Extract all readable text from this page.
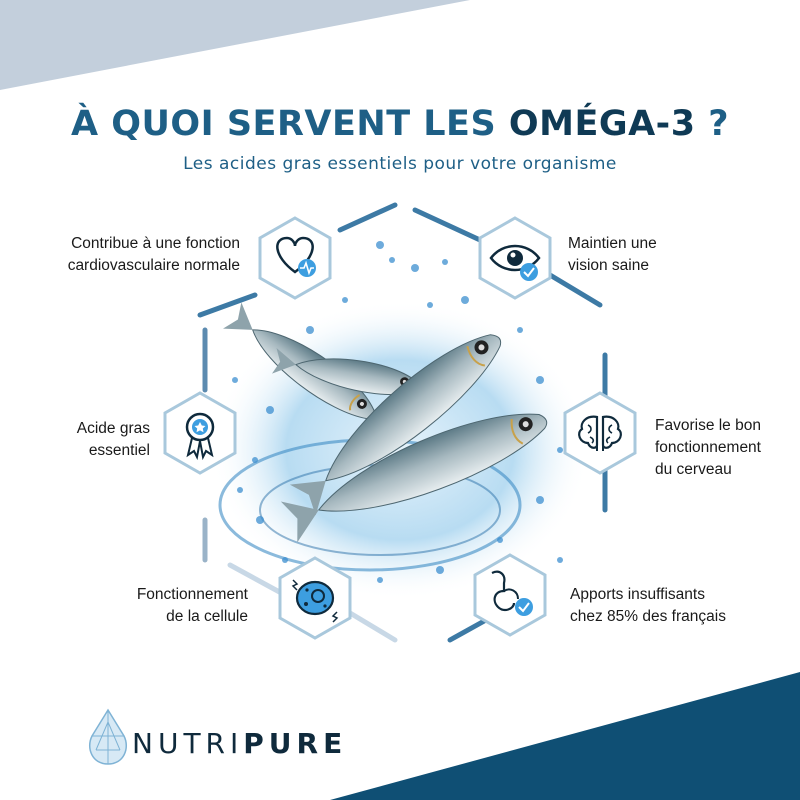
À QUOI SERVENT LES OMÉGA-3 ?
Les acides gras essentiels pour votre organisme
Contribue à une fonction
cardiovasculaire normale
Maintien une
vision saine
Acide gras
essentiel
Favorise le bon
fonctionnement
du cerveau
Fonctionnement
de la cellule
Apports insuffisants
chez 85% des français
NUTRIPURE
